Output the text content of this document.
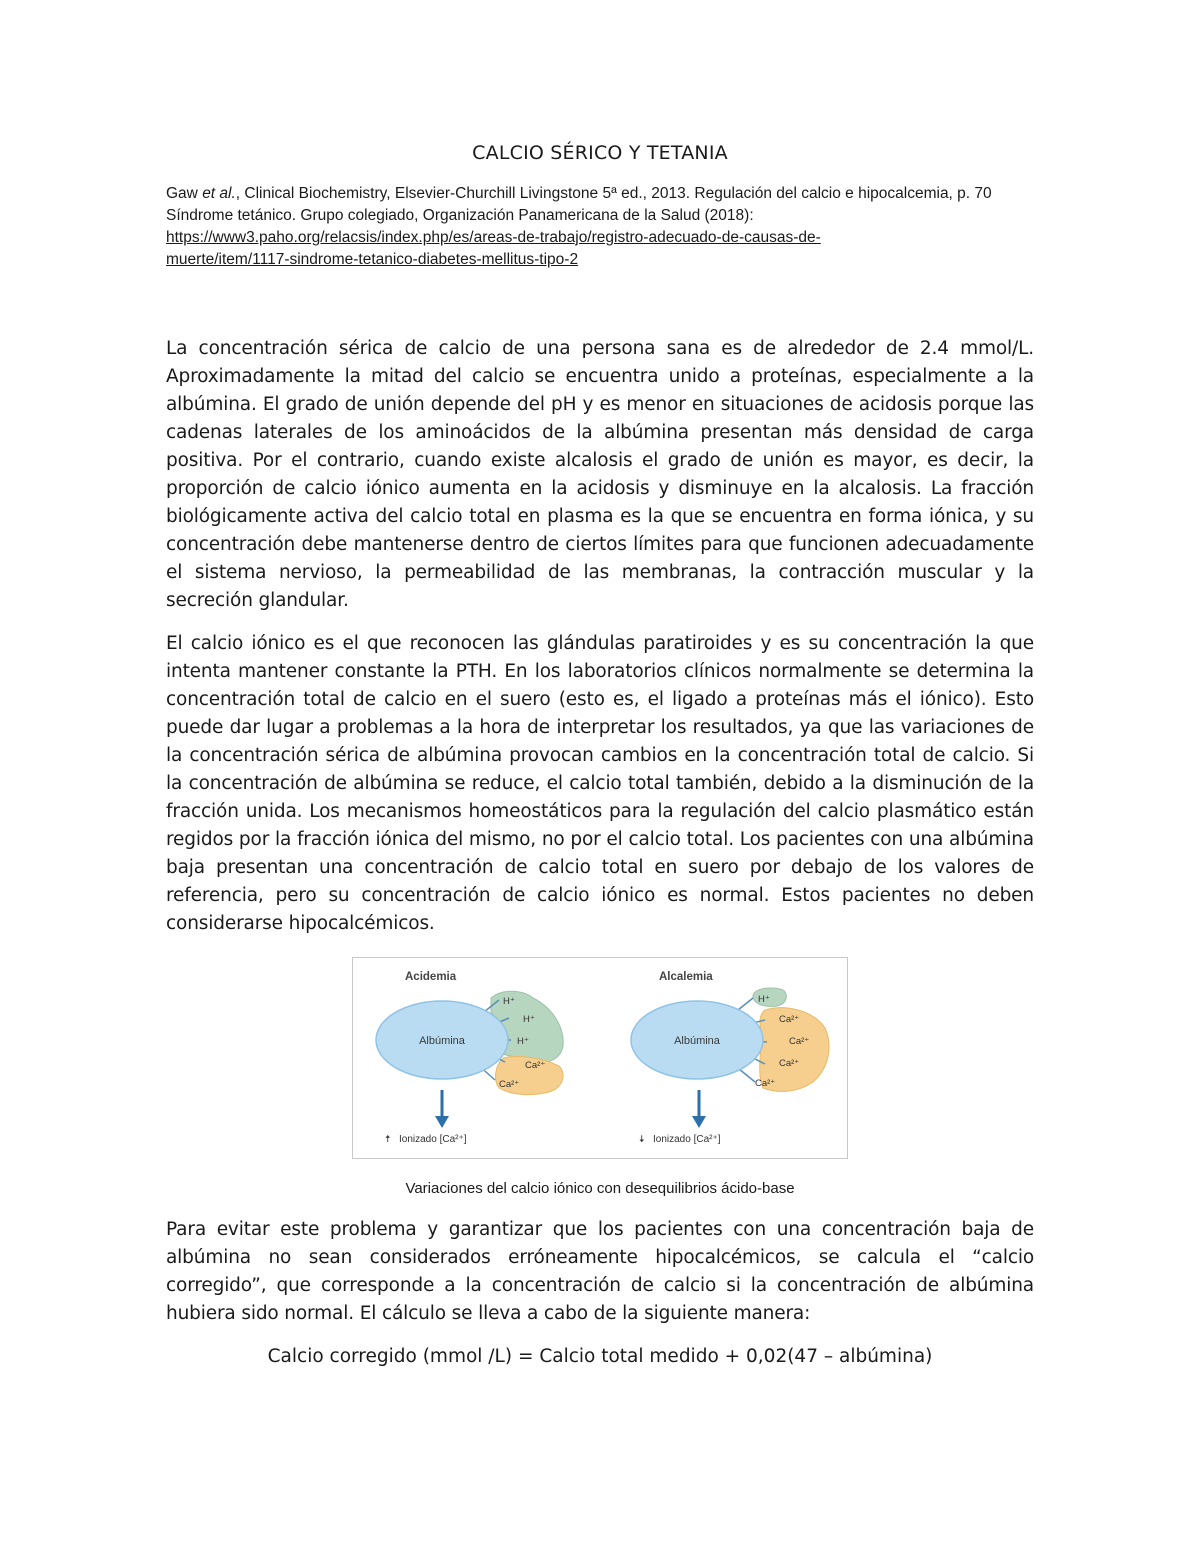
CALCIO SÉRICO Y TETANIA
Gaw et al., Clinical Biochemistry, Elsevier-Churchill Livingstone 5ª ed., 2013. Regulación del calcio e hipocalcemia, p. 70
Síndrome tetánico. Grupo colegiado, Organización Panamericana de la Salud (2018):
https://www3.paho.org/relacsis/index.php/es/areas-de-trabajo/registro-adecuado-de-causas-de-
muerte/item/1117-sindrome-tetanico-diabetes-mellitus-tipo-2

La concentración sérica de calcio de una persona sana es de alrededor de 2.4 mmol/L. Aproximadamente la mitad del calcio se encuentra unido a proteínas, especialmente a la albúmina. El grado de unión depende del pH y es menor en situaciones de acidosis porque las cadenas laterales de los aminoácidos de la albúmina presentan más densidad de carga positiva. Por el contrario, cuando existe alcalosis el grado de unión es mayor, es decir, la proporción de calcio iónico aumenta en la acidosis y disminuye en la alcalosis. La fracción biológicamente activa del calcio total en plasma es la que se encuentra en forma iónica, y su concentración debe mantenerse dentro de ciertos límites para que funcionen adecuadamente el sistema nervioso, la permeabilidad de las membranas, la contracción muscular y la secreción glandular.

El calcio iónico es el que reconocen las glándulas paratiroides y es su concentración la que intenta mantener constante la PTH. En los laboratorios clínicos normalmente se determina la concentración total de calcio en el suero (esto es, el ligado a proteínas más el iónico). Esto puede dar lugar a problemas a la hora de interpretar los resultados, ya que las variaciones de la concentración sérica de albúmina provocan cambios en la concentración total de calcio. Si la concentración de albúmina se reduce, el calcio total también, debido a la disminución de la fracción unida. Los mecanismos homeostáticos para la regulación del calcio plasmático están regidos por la fracción iónica del mismo, no por el calcio total. Los pacientes con una albúmina baja presentan una concentración de calcio total en suero por debajo de los valores de referencia, pero su concentración de calcio iónico es normal. Estos pacientes no deben considerarse hipocalcémicos.

Acidemia
Albúmina
H⁺
H⁺
H⁺
Ca²⁺
Ca²⁺
🠅 Ionizado [Ca²⁺]
Alcalemia
Albúmina
H⁺
Ca²⁺
Ca²⁺
Ca²⁺
Ca²⁺
🠇 Ionizado [Ca²⁺]
Variaciones del calcio iónico con desequilibrios ácido-base

Para evitar este problema y garantizar que los pacientes con una concentración baja de albúmina no sean considerados erróneamente hipocalcémicos, se calcula el “calcio corregido”, que corresponde a la concentración de calcio si la concentración de albúmina hubiera sido normal. El cálculo se lleva a cabo de la siguiente manera:

Calcio corregido (mmol /L) = Calcio total medido + 0,02(47 – albúmina)
